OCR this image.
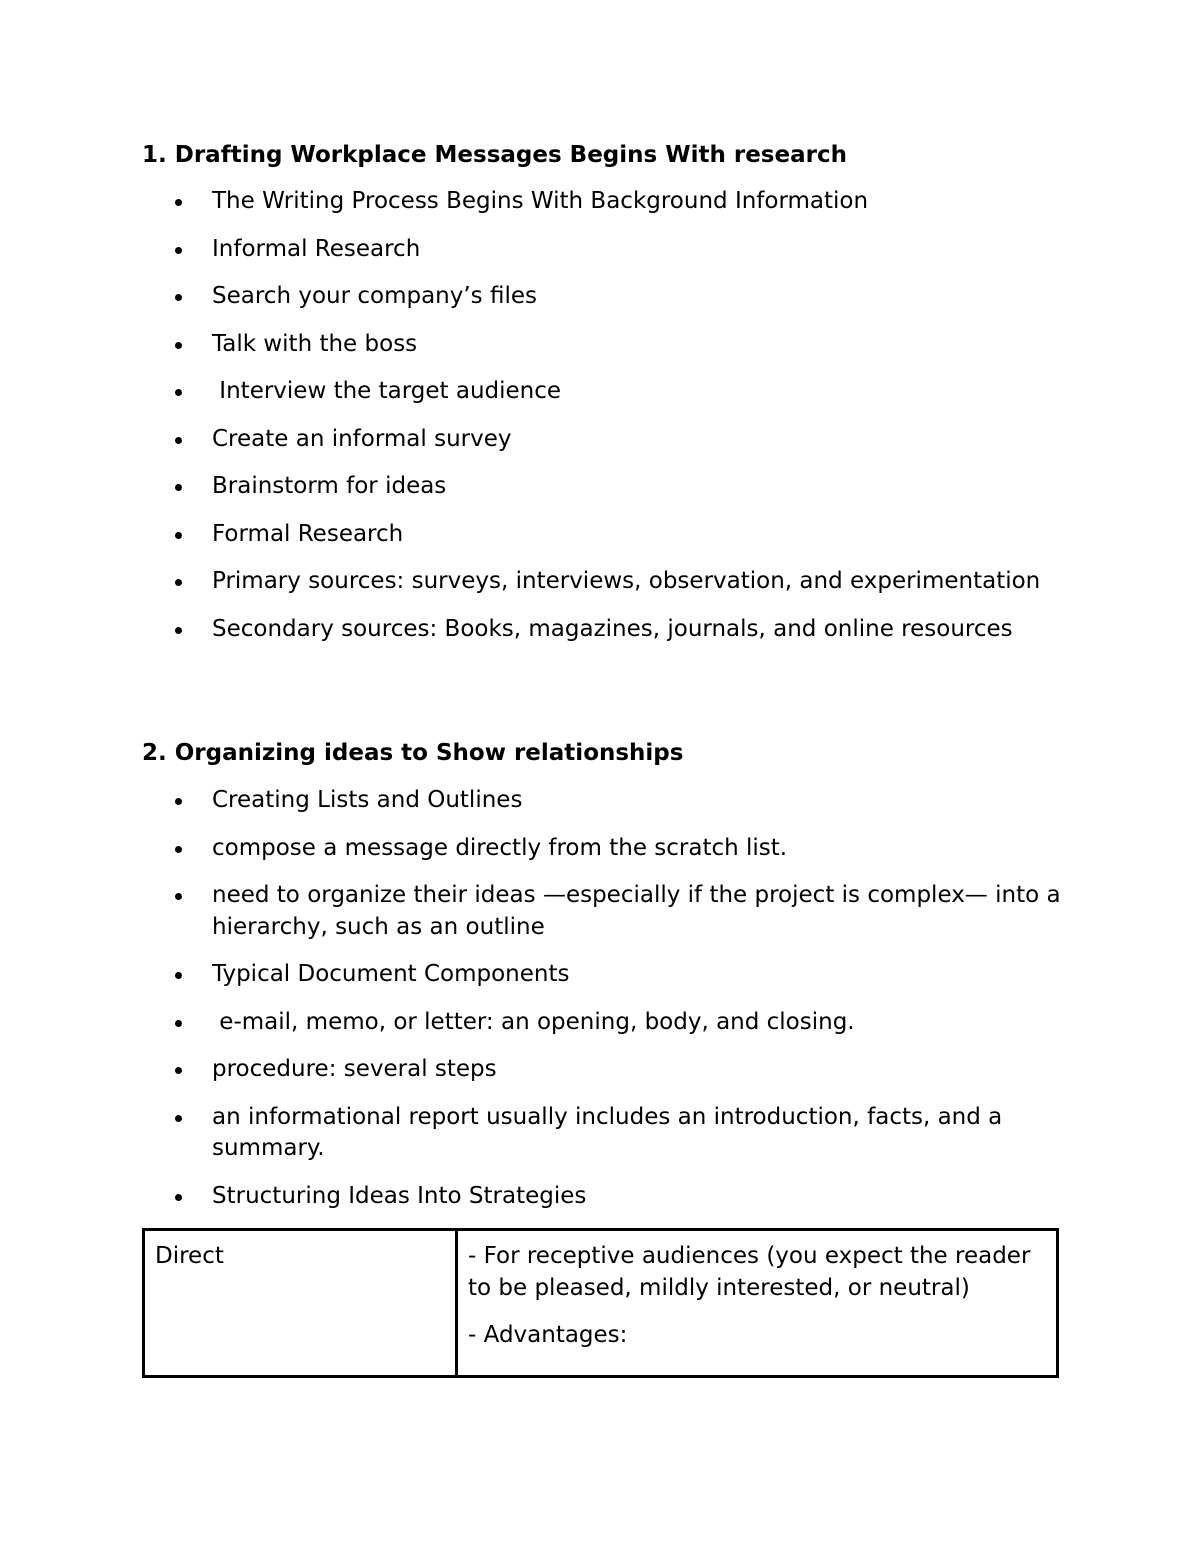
1. Drafting Workplace Messages Begins With research
The Writing Process Begins With Background Information
Informal Research
Search your company’s files
Talk with the boss
Interview the target audience
Create an informal survey
Brainstorm for ideas
Formal Research
Primary sources: surveys, interviews, observation, and experimentation
Secondary sources: Books, magazines, journals, and online resources
2. Organizing ideas to Show relationships
Creating Lists and Outlines
compose a message directly from the scratch list.
need to organize their ideas —especially if the project is complex— into a hierarchy, such as an outline
Typical Document Components
e-mail, memo, or letter: an opening, body, and closing.
procedure: several steps
an informational report usually includes an introduction, facts, and a summary.
Structuring Ideas Into Strategies

Direct	- For receptive audiences (you expect the reader to be pleased, mildly interested, or neutral)

- Advantages:
